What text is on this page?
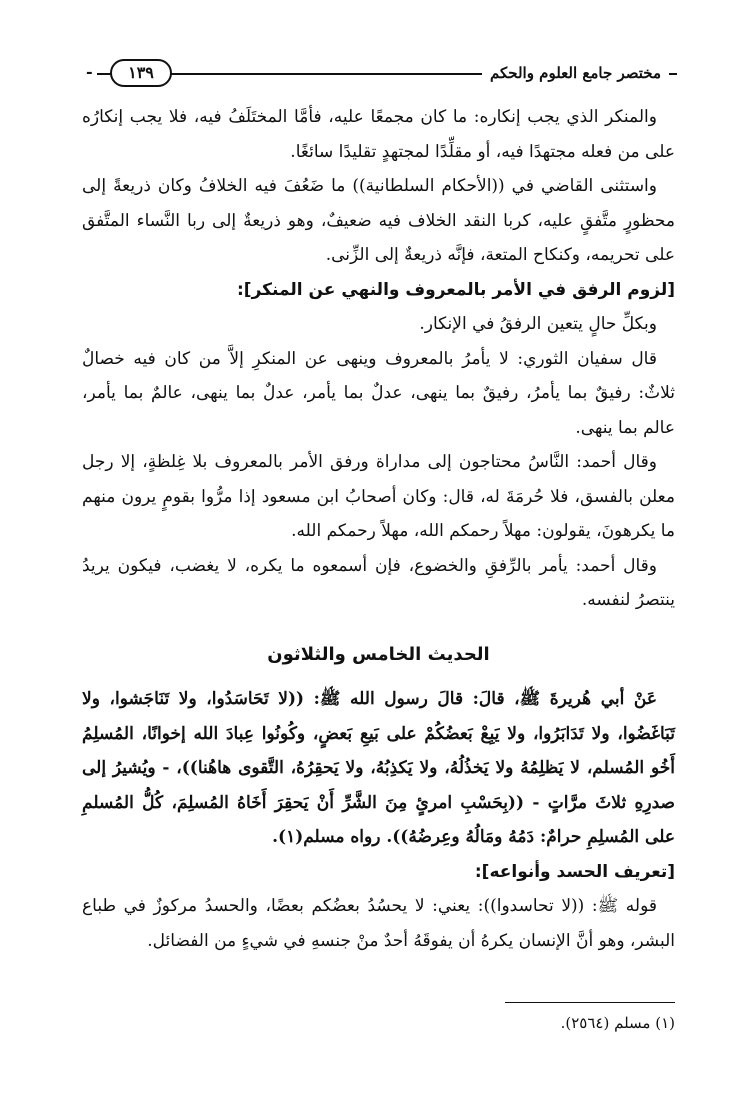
مختصر جامع العلوم والحكم
١٣٩
-

والمنكر الذي يجب إنكاره: ما كان مجمعًا عليه، فأمَّا المختَلَفُ فيه، فلا يجب إنكارُه على من فعله مجتهدًا فيه، أو مقلِّدًا لمجتهدٍ تقليدًا سائغًا.

واستثنى القاضي في ((الأحكام السلطانية)) ما ضَعُفَ فيه الخلافُ وكان ذريعةً إلى محظورٍ متَّفقٍ عليه، كربا النقد الخلاف فيه ضعيفٌ، وهو ذريعةٌ إلى ربا النَّساء المتَّفق على تحريمه، وكنكاح المتعة، فإنَّه ذريعةٌ إلى الزِّنى.

[لزوم الرفق في الأمر بالمعروف والنهي عن المنكر]:

وبكلِّ حالٍ يتعين الرفقُ في الإنكار.

قال سفيان الثوري: لا يأمرُ بالمعروف وينهى عن المنكرِ إلاَّ من كان فيه خصالٌ ثلاثٌ: رفيقٌ بما يأمرُ، رفيقٌ بما ينهى، عدلٌ بما يأمر، عدلٌ بما ينهى، عالمٌ بما يأمر، عالم بما ينهى.

وقال أحمد: النَّاسُ محتاجون إلى مداراة ورفق الأمر بالمعروف بلا غِلظةٍ، إلا رجل معلن بالفسق، فلا حُرمَةَ له، قال: وكان أصحابُ ابن مسعود إذا مرُّوا بقومٍ يرون منهم ما يكرهونَ، يقولون: مهلاً رحمكم الله، مهلاً رحمكم الله.

وقال أحمد: يأمر بالرِّفقِ والخضوع، فإن أسمعوه ما يكره، لا يغضب، فيكون يريدُ ينتصرُ لنفسه.

الحديث الخامس والثلاثون

عَنْ أبي هُريرةَ ﷺ، قالَ: قالَ رسول الله ﷺ: ((لا تَحَاسَدُوا، ولا تَنَاجَشوا، ولا تَبَاغَضُوا، ولا تَدَابَرُوا، ولا يَبِعْ بَعضُكُمْ على بَيعِ بَعضٍ، وكُونُوا عِبادَ الله إخوانًا، المُسلِمُ أَخُو المُسلم، لا يَظلِمُهُ ولا يَخذُلُهُ، ولا يَكذِبُهُ، ولا يَحقِرُهُ، التَّقوى هاهُنا))، - ويُشيرُ إلى صدرِهِ ثلاثَ مرَّاتٍ - ((بِحَسْبِ امرئٍ مِنَ الشَّرِّ أَنْ يَحقِرَ أَخَاهُ المُسلِمَ، كُلُّ المُسلمِ على المُسلِمِ حرامٌ: دَمُهُ ومَالُهُ وعِرضُهُ)). رواه مسلم(١).

[تعريف الحسد وأنواعه]:

قوله ﷺ: ((لا تحاسدوا)): يعني: لا يحسُدُ بعضُكم بعضًا، والحسدُ مركوزٌ في طباع البشر، وهو أنَّ الإنسان يكرهُ أن يفوقَهُ أحدٌ منْ جنسهِ في شيءٍ من الفضائل.

(١) مسلم (٢٥٦٤).
